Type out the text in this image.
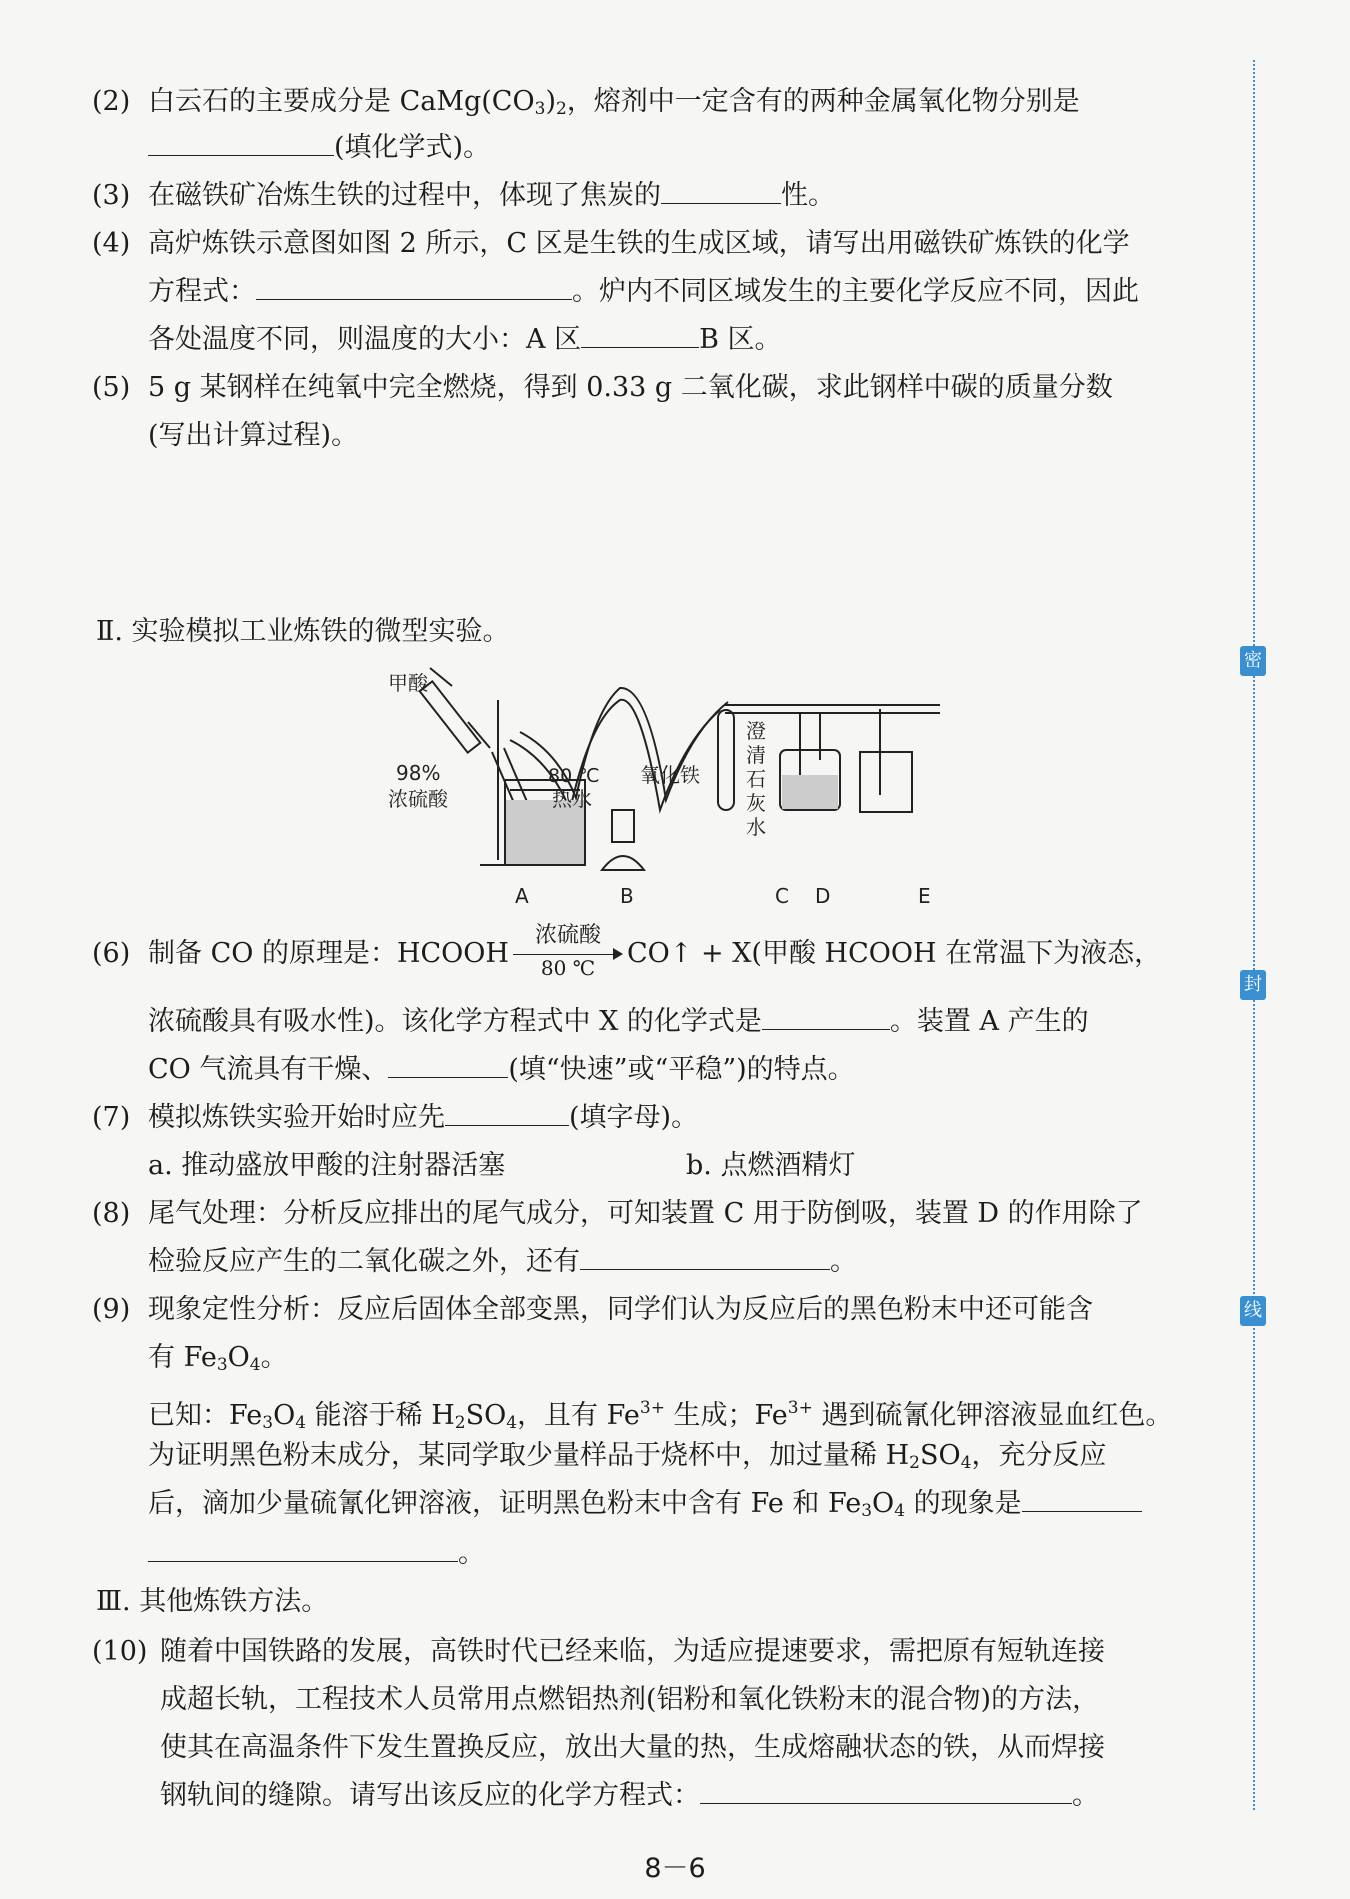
(2) 白云石的主要成分是 $CaMg(CO_3)_2$，熔剂中一定含有的两种金属氧化物分别是
(填化学式)。
(3) 在磁铁矿冶炼生铁的过程中，体现了焦炭的	性。
(4) 高炉炼铁示意图如图 2 所示，C 区是生铁的生成区域，请写出用磁铁矿炼铁的化学
方程式：	。炉内不同区域发生的主要化学反应不同，因此
各处温度不同，则温度的大小：A 区	B 区。
(5) 5 g 某钢样在纯氧中完全燃烧，得到 0.33 g 二氧化碳，求此钢样中碳的质量分数
(写出计算过程)。
Ⅱ. 实验模拟工业炼铁的微型实验。
甲酸
98%
浓硫酸
80 ℃
热水
氧化铁
澄
清
石
灰
水
A	B	C D	E
(6) 制备 CO 的原理是：HCOOH
浓硫酸
80 ℃	CO↑ + X(甲酸 HCOOH 在常温下为液态，
浓硫酸具有吸水性)。该化学方程式中 X 的化学式是	。装置 A 产生的
CO 气流具有干燥、	(填“快速”或“平稳”)的特点。
(7) 模拟炼铁实验开始时应先	(填字母)。
a. 推动盛放甲酸的注射器活塞	b. 点燃酒精灯
(8) 尾气处理：分析反应排出的尾气成分，可知装置 C 用于防倒吸，装置 D 的作用除了
检验反应产生的二氧化碳之外，还有	。
(9) 现象定性分析：反应后固体全部变黑，同学们认为反应后的黑色粉末中还可能含
有 $Fe_3O_4$。
已知：$Fe_3O_4$ 能溶于稀 $H_2SO_4$，且有 $Fe^{3+}$ 生成；$Fe^{3+}$ 遇到硫氰化钾溶液显血红色。
为证明黑色粉末成分，某同学取少量样品于烧杯中，加过量稀 $H_2SO_4$，充分反应
后，滴加少量硫氰化钾溶液，证明黑色粉末中含有 Fe 和 $Fe_3O_4$ 的现象是
。
Ⅲ. 其他炼铁方法。
(10) 随着中国铁路的发展，高铁时代已经来临，为适应提速要求，需把原有短轨连接
成超长轨，工程技术人员常用点燃铝热剂(铝粉和氧化铁粉末的混合物)的方法，
使其在高温条件下发生置换反应，放出大量的热，生成熔融状态的铁，从而焊接
钢轨间的缝隙。请写出该反应的化学方程式：	。
密
封
线
8－6
